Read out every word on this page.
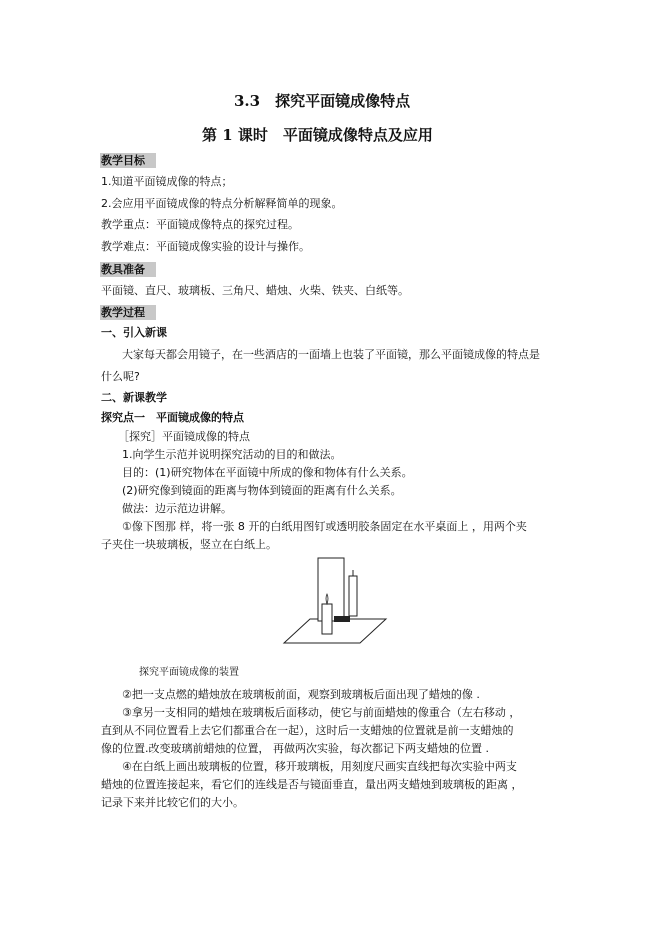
3.3　探究平面镜成像特点
第 1 课时　平面镜成像特点及应用
教学目标
1.知道平面镜成像的特点；
2.会应用平面镜成像的特点分析解释简单的现象。
教学重点：平面镜成像特点的探究过程。
教学难点：平面镜成像实验的设计与操作。
教具准备
平面镜、直尺、玻璃板、三角尺、蜡烛、火柴、铁夹、白纸等。
教学过程
一、引入新课
大家每天都会用镜子，在一些酒店的一面墙上也装了平面镜，那么平面镜成像的特点是
什么呢?
二、新课教学
探究点一　平面镜成像的特点
［探究］平面镜成像的特点
1.向学生示范并说明探究活动的目的和做法。
目的：(1)研究物体在平面镜中所成的像和物体有什么关系。
(2)研究像到镜面的距离与物体到镜面的距离有什么关系。
做法：边示范边讲解。
①像下图那 样，将一张 8 开的白纸用图钉或透明胶条固定在水平桌面上 ，用两个夹
子夹住一块玻璃板，竖立在白纸上。
探究平面镜成像的装置
②把一支点燃的蜡烛放在玻璃板前面，观察到玻璃板后面出现了蜡烛的像 .
③拿另一支相同的蜡烛在玻璃板后面移动，使它与前面蜡烛的像重合（左右移动 ，
直到从不同位置看上去它们都重合在一起），这时后一支蜡烛的位置就是前一支蜡烛的
像的位置.改变玻璃前蜡烛的位置， 再做两次实验，每次都记下两支蜡烛的位置 .
④在白纸上画出玻璃板的位置，移开玻璃板，用刻度尺画实直线把每次实验中两支
蜡烛的位置连接起来，看它们的连线是否与镜面垂直，量出两支蜡烛到玻璃板的距离 ，
记录下来并比较它们的大小。
